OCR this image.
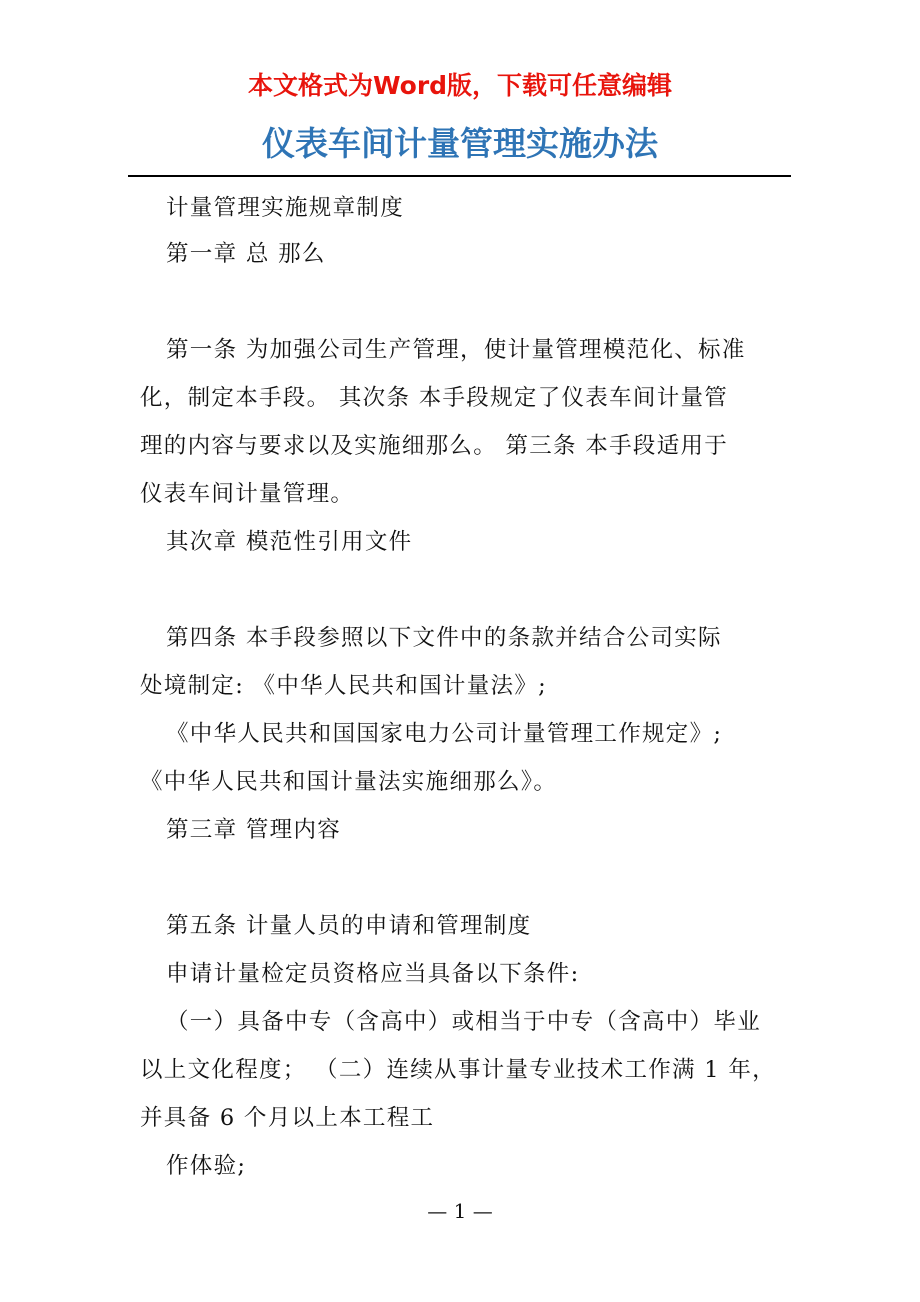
本文格式为Word版，下载可任意编辑

仪表车间计量管理实施办法

计量管理实施规章制度

第一章 总 那么

第一条 为加强公司生产管理，使计量管理模范化、标准

化，制定本手段。 其次条 本手段规定了仪表车间计量管

理的内容与要求以及实施细那么。 第三条 本手段适用于

仪表车间计量管理。

其次章 模范性引用文件

第四条 本手段参照以下文件中的条款并结合公司实际

处境制定: 《中华人民共和国计量法》;

《中华人民共和国国家电力公司计量管理工作规定》;

《中华人民共和国计量法实施细那么》。

第三章 管理内容

第五条 计量人员的申请和管理制度

申请计量检定员资格应当具备以下条件:

（一）具备中专（含高中）或相当于中专（含高中）毕业

以上文化程度； （二）连续从事计量专业技术工作满 1 年，

并具备 6 个月以上本工程工

作体验;

— 1 —
